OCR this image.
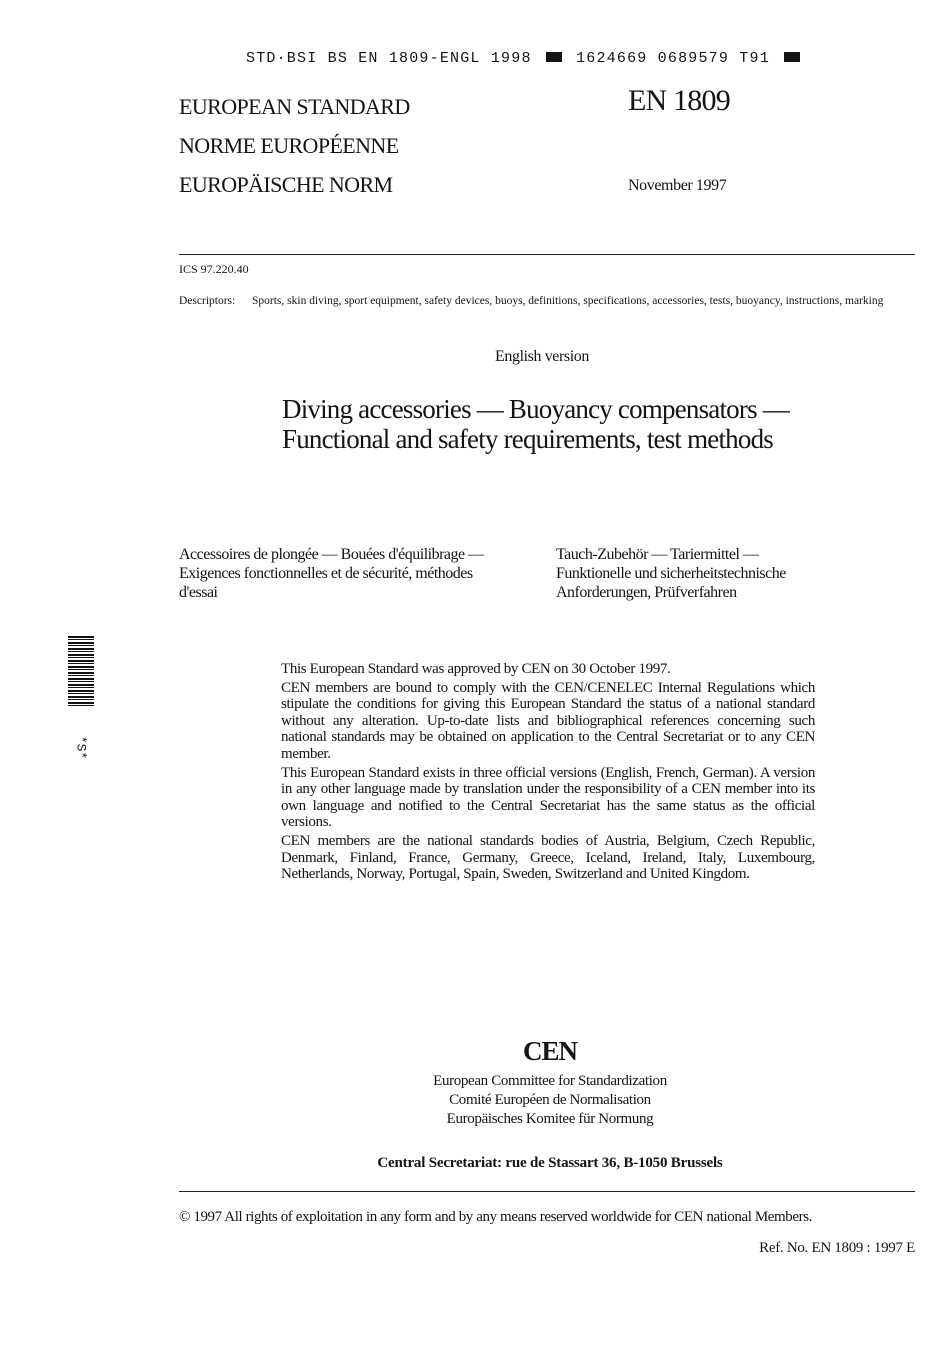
STD·BSI BS EN 1809-ENGL 1998	1624669 0689579 T91
EUROPEAN STANDARD
NORME EUROPÉENNE
EUROPÄISCHE NORM
EN 1809
November 1997
ICS 97.220.40
Descriptors: Sports, skin diving, sport equipment, safety devices, buoys, definitions, specifications, accessories, tests, buoyancy, instructions, marking
English version
Diving accessories — Buoyancy compensators —
Functional and safety requirements, test methods
Accessoires de plongée — Bouées d'équilibrage —
Exigences fonctionnelles et de sécurité, méthodes
d'essai
Tauch-Zubehör — Tariermittel —
Funktionelle und sicherheitstechnische
Anforderungen, Prüfverfahren
*S*

This European Standard was approved by CEN on 30 October 1997.

CEN members are bound to comply with the CEN/CENELEC Internal Regulations which stipulate the conditions for giving this European Standard the status of a national standard without any alteration. Up-to-date lists and bibliographical references concerning such national standards may be obtained on application to the Central Secretariat or to any CEN member.

This European Standard exists in three official versions (English, French, German). A version in any other language made by translation under the responsibility of a CEN member into its own language and notified to the Central Secretariat has the same status as the official versions.

CEN members are the national standards bodies of Austria, Belgium, Czech Republic, Denmark, Finland, France, Germany, Greece, Iceland, Ireland, Italy, Luxembourg, Netherlands, Norway, Portugal, Spain, Sweden, Switzerland and United Kingdom.

CEN
European Committee for Standardization
Comité Européen de Normalisation
Europäisches Komitee für Normung
Central Secretariat: rue de Stassart 36, B-1050 Brussels
© 1997 All rights of exploitation in any form and by any means reserved worldwide for CEN national Members.
Ref. No. EN 1809 : 1997 E
